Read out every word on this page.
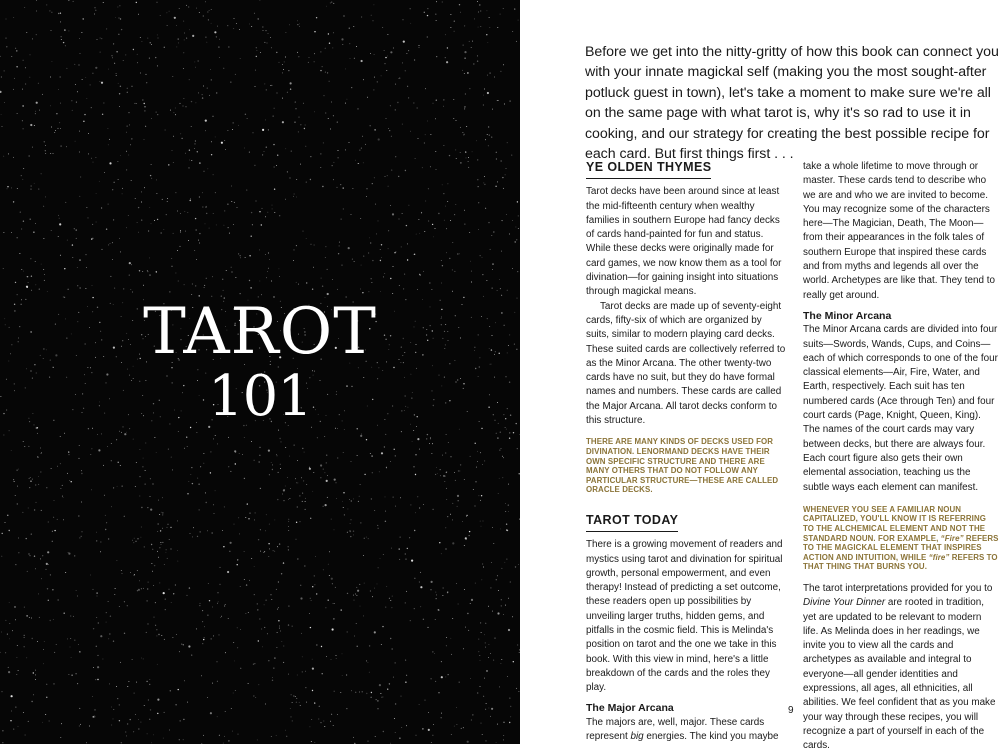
TAROT
101

Before we get into the nitty-gritty of how this book can connect you with your innate magickal self (making you the most sought-after potluck guest in town), let's take a moment to make sure we're all on the same page with what tarot is, why it's so rad to use it in cooking, and our strategy for creating the best possible recipe for each card. But first things first . . .

YE OLDEN THYMES

Tarot decks have been around since at least the mid-fifteenth century when wealthy families in southern Europe had fancy decks of cards hand-painted for fun and status. While these decks were originally made for card games, we now know them as a tool for divination—for gaining insight into situations through magickal means.

Tarot decks are made up of seventy-eight cards, fifty-six of which are organized by suits, similar to modern playing card decks. These suited cards are collectively referred to as the Minor Arcana. The other twenty-two cards have no suit, but they do have formal names and numbers. These cards are called the Major Arcana. All tarot decks conform to this structure.

THERE ARE MANY KINDS OF DECKS USED FOR DIVINATION. LENORMAND DECKS HAVE THEIR OWN SPECIFIC STRUCTURE AND THERE ARE MANY OTHERS THAT DO NOT FOLLOW ANY PARTICULAR STRUCTURE—THESE ARE CALLED ORACLE DECKS.

TAROT TODAY

There is a growing movement of readers and mystics using tarot and divination for spiritual growth, personal empowerment, and even therapy! Instead of predicting a set outcome, these readers open up possibilities by unveiling larger truths, hidden gems, and pitfalls in the cosmic field. This is Melinda's position on tarot and the one we take in this book. With this view in mind, here's a little breakdown of the cards and the roles they play.

The Major Arcana

The majors are, well, major. These cards represent big energies. The kind you maybe

take a whole lifetime to move through or master. These cards tend to describe who we are and who we are invited to become. You may recognize some of the characters here—The Magician, Death, The Moon—from their appearances in the folk tales of southern Europe that inspired these cards and from myths and legends all over the world. Archetypes are like that. They tend to really get around.

The Minor Arcana

The Minor Arcana cards are divided into four suits—Swords, Wands, Cups, and Coins—each of which corresponds to one of the four classical elements—Air, Fire, Water, and Earth, respectively. Each suit has ten numbered cards (Ace through Ten) and four court cards (Page, Knight, Queen, King). The names of the court cards may vary between decks, but there are always four. Each court figure also gets their own elemental association, teaching us the subtle ways each element can manifest.

WHENEVER YOU SEE A FAMILIAR NOUN CAPITALIZED, YOU'LL KNOW IT IS REFERRING TO THE ALCHEMICAL ELEMENT AND NOT THE STANDARD NOUN. FOR EXAMPLE, “Fire” REFERS TO THE MAGICKAL ELEMENT THAT INSPIRES ACTION AND INTUITION, WHILE “fire” REFERS TO THAT THING THAT BURNS YOU.

The tarot interpretations provided for you to Divine Your Dinner are rooted in tradition, yet are updated to be relevant to modern life. As Melinda does in her readings, we invite you to view all the cards and archetypes as available and integral to everyone—all gender identities and expressions, all ages, all ethnicities, all abilities. We feel confident that as you make your way through these recipes, you will recognize a part of yourself in each of the cards.

9
